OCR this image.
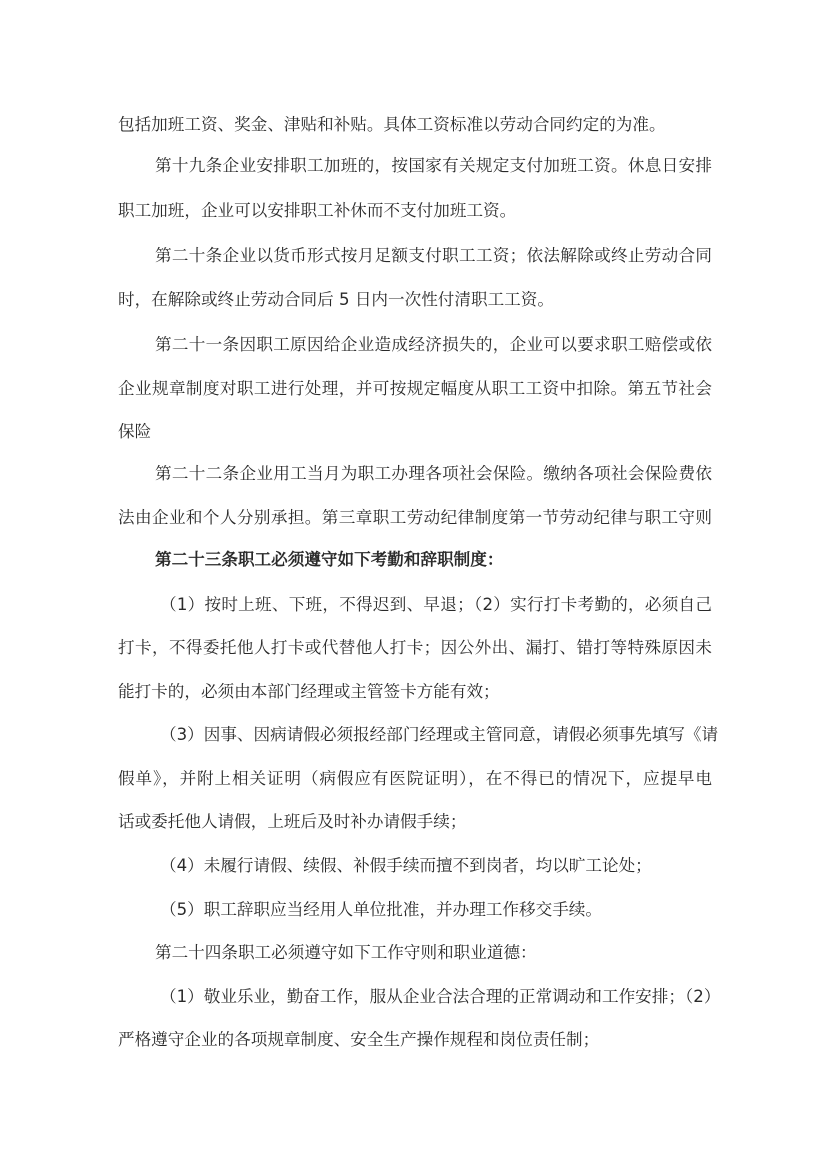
包括加班工资、奖金、津贴和补贴。具体工资标准以劳动合同约定的为准。
第十九条企业安排职工加班的，按国家有关规定支付加班工资。休息日安排
职工加班，企业可以安排职工补休而不支付加班工资。
第二十条企业以货币形式按月足额支付职工工资；依法解除或终止劳动合同
时，在解除或终止劳动合同后 5 日内一次性付清职工工资。
第二十一条因职工原因给企业造成经济损失的，企业可以要求职工赔偿或依
企业规章制度对职工进行处理，并可按规定幅度从职工工资中扣除。第五节社会
保险
第二十二条企业用工当月为职工办理各项社会保险。缴纳各项社会保险费依
法由企业和个人分别承担。第三章职工劳动纪律制度第一节劳动纪律与职工守则
第二十三条职工必须遵守如下考勤和辞职制度：
（1）按时上班、下班，不得迟到、早退；（2）实行打卡考勤的，必须自己
打卡，不得委托他人打卡或代替他人打卡；因公外出、漏打、错打等特殊原因未
能打卡的，必须由本部门经理或主管签卡方能有效；
（3）因事、因病请假必须报经部门经理或主管同意，请假必须事先填写《请
假单》，并附上相关证明（病假应有医院证明），在不得已的情况下，应提早电
话或委托他人请假，上班后及时补办请假手续；
（4）未履行请假、续假、补假手续而擅不到岗者，均以旷工论处；
（5）职工辞职应当经用人单位批准，并办理工作移交手续。
第二十四条职工必须遵守如下工作守则和职业道德：
（1）敬业乐业，勤奋工作，服从企业合法合理的正常调动和工作安排；（2）
严格遵守企业的各项规章制度、安全生产操作规程和岗位责任制；
